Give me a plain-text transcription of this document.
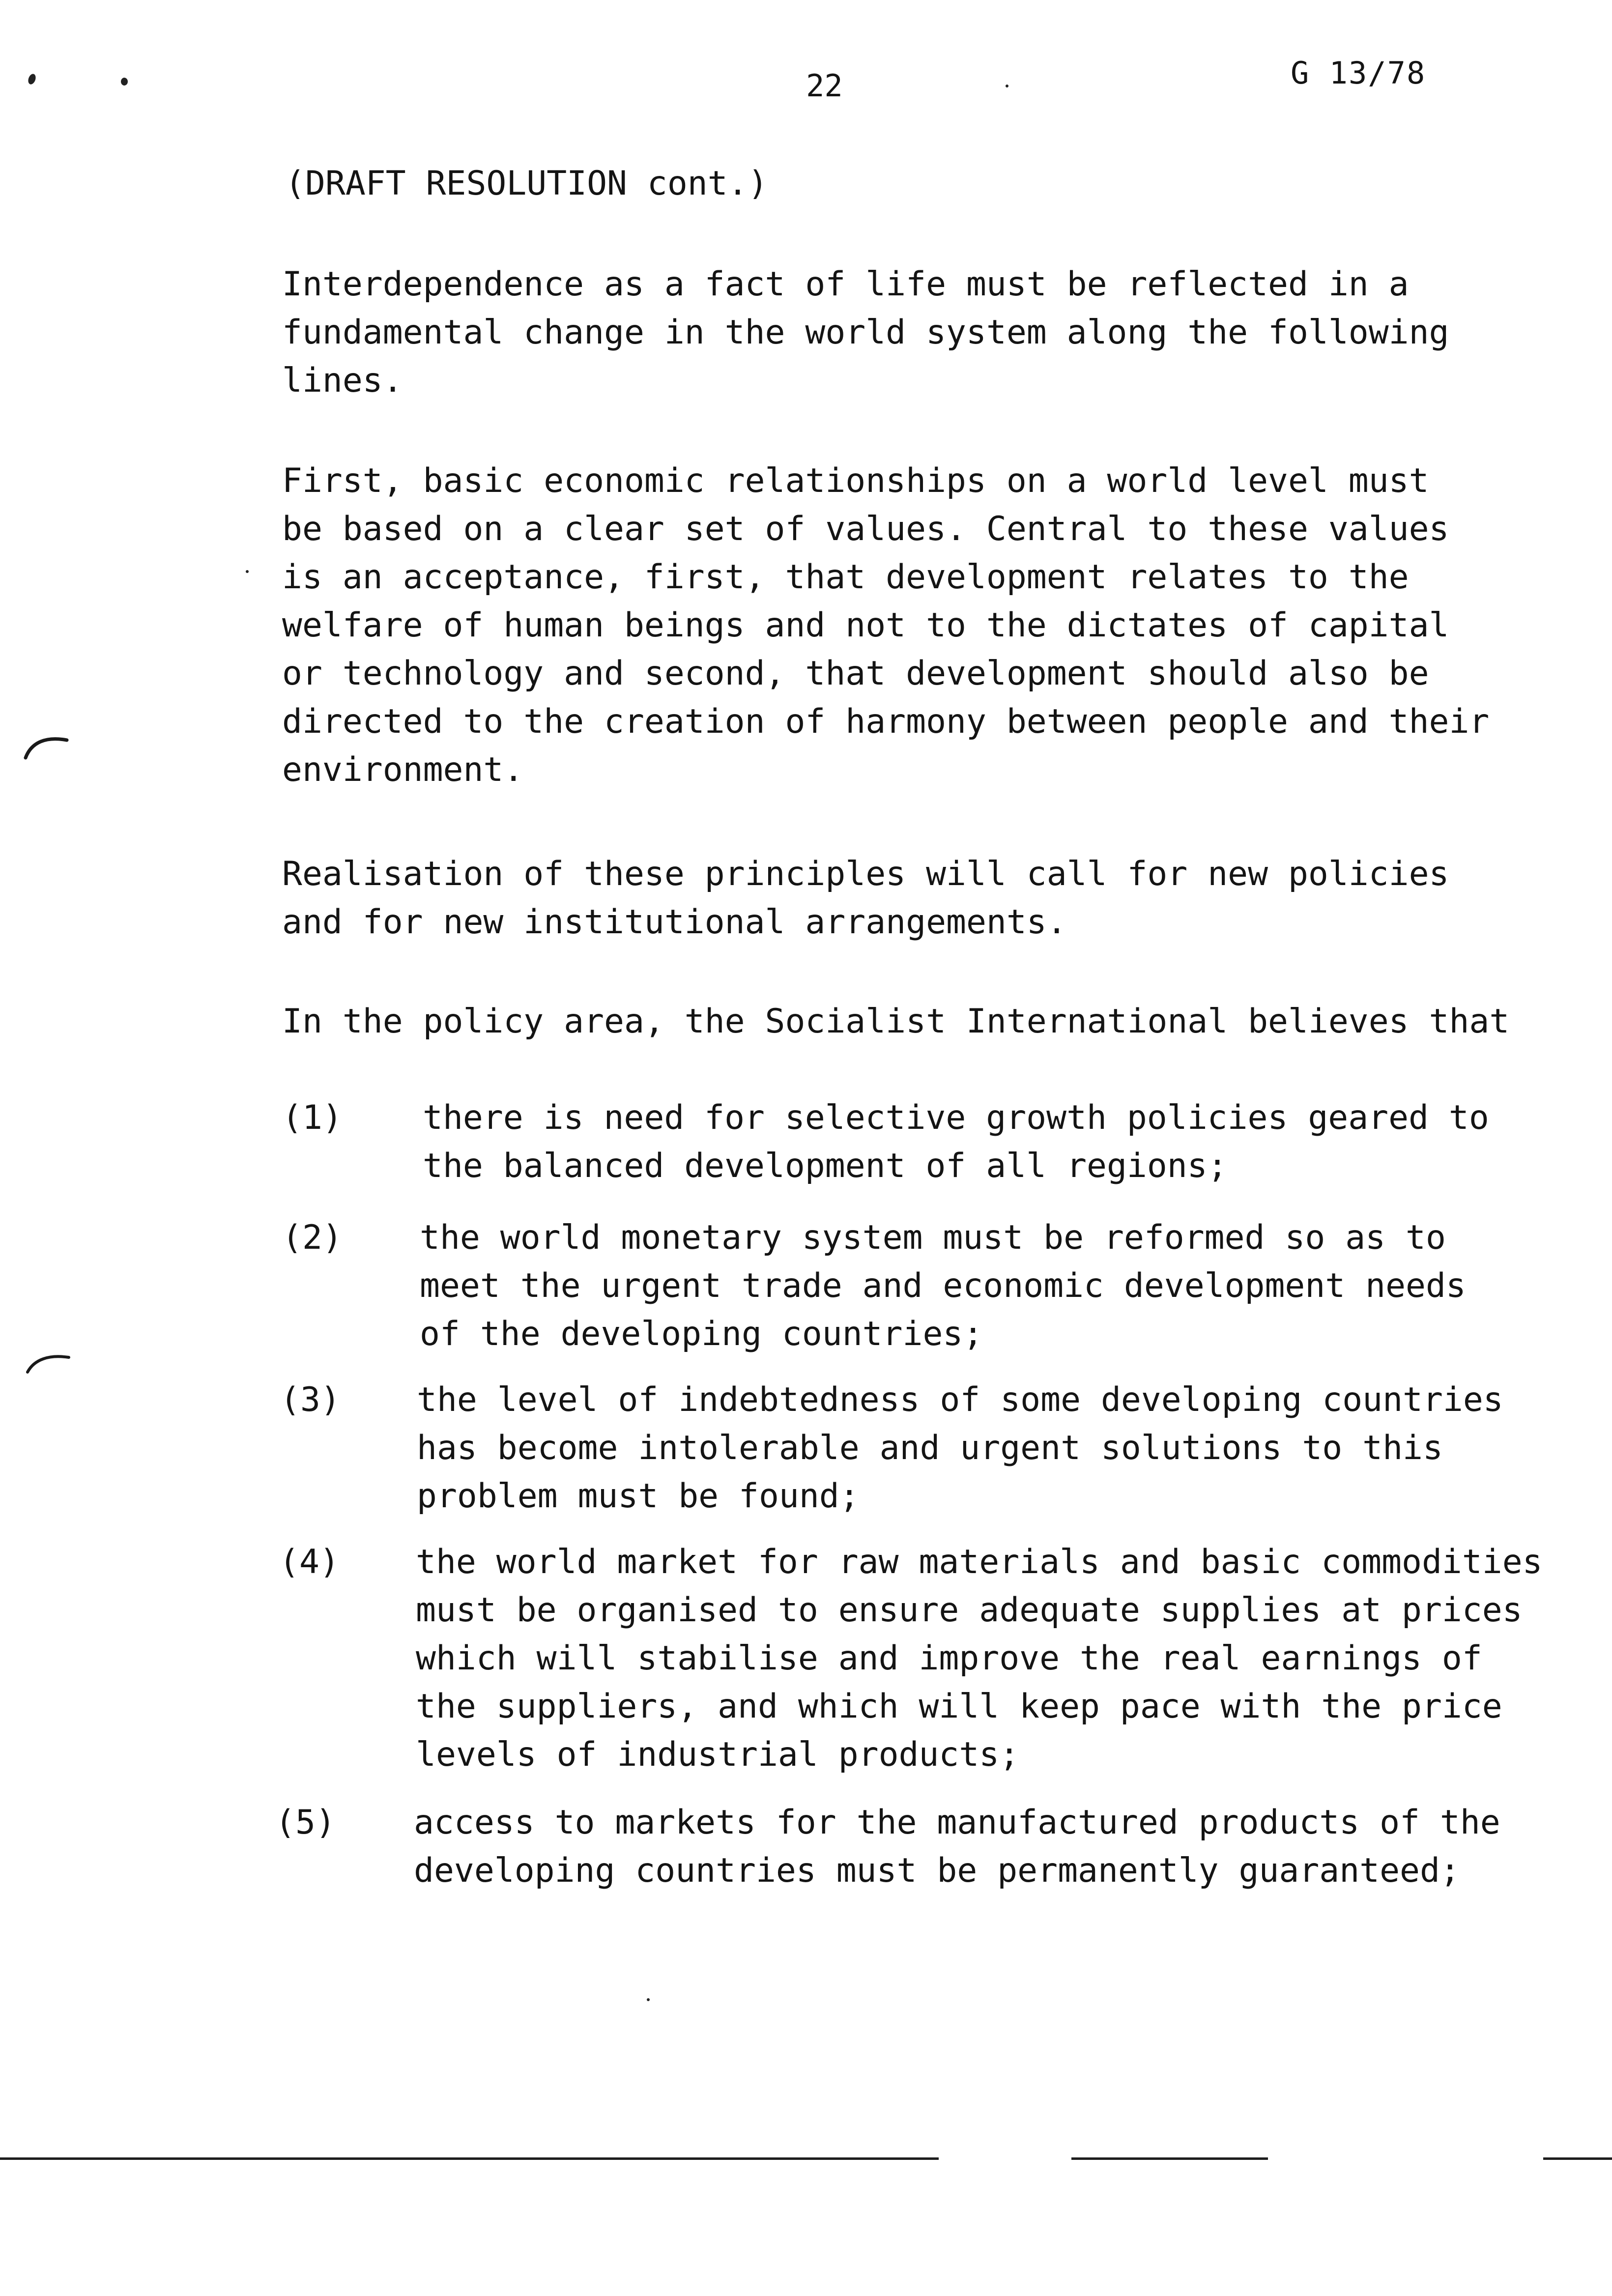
22	G 13/78
(DRAFT RESOLUTION cont.)
Interdependence as a fact of life must be reflected in a
fundamental change in the world system along the following
lines.
First, basic economic relationships on a world level must
be based on a clear set of values. Central to these values
is an acceptance, first, that development relates to the
welfare of human beings and not to the dictates of capital
or technology and second, that development should also be
directed to the creation of harmony between people and their
environment.
Realisation of these principles will call for new policies
and for new institutional arrangements.
In the policy area, the Socialist International believes that
(1) there is need for selective growth policies geared to
the balanced development of all regions;
(2) the world monetary system must be reformed so as to
meet the urgent trade and economic development needs
of the developing countries;
(3) the level of indebtedness of some developing countries
has become intolerable and urgent solutions to this
problem must be found;
(4) the world market for raw materials and basic commodities
must be organised to ensure adequate supplies at prices
which will stabilise and improve the real earnings of
the suppliers, and which will keep pace with the price
levels of industrial products;
(5) access to markets for the manufactured products of the
developing countries must be permanently guaranteed;
